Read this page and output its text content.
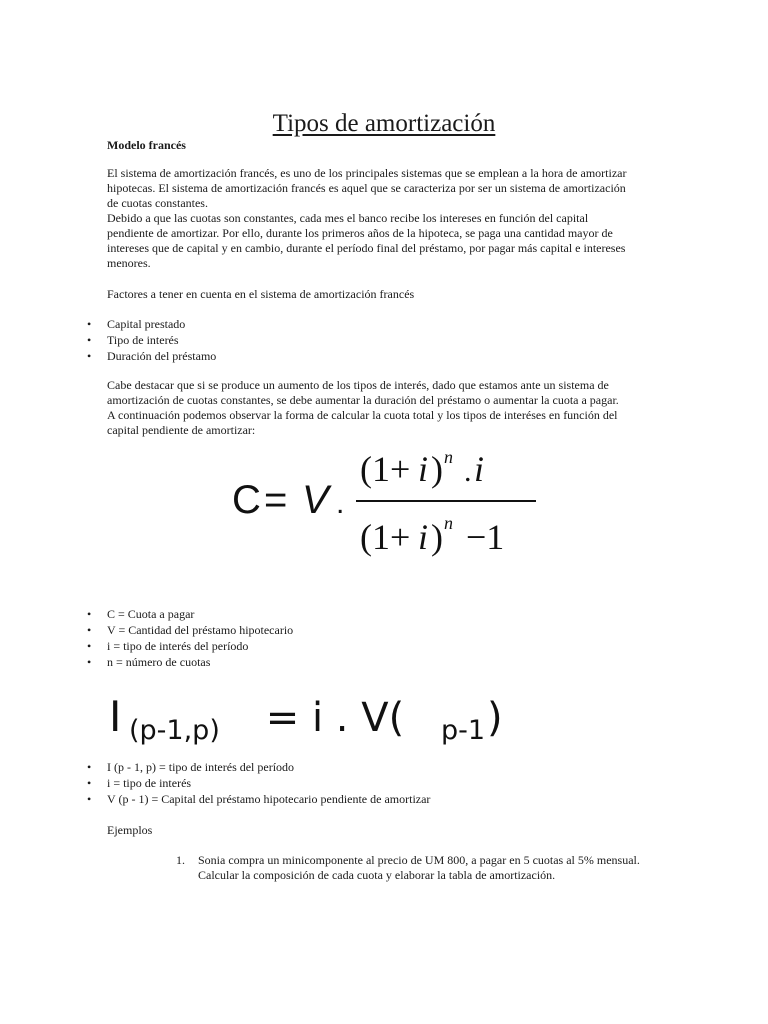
Tipos de amortización
Modelo francés

El sistema de amortización francés, es uno de los principales sistemas que se emplean a la hora de amortizar
hipotecas. El sistema de amortización francés es aquel que se caracteriza por ser un sistema de amortización
de cuotas constantes.
Debido a que las cuotas son constantes, cada mes el banco recibe los intereses en función del capital
pendiente de amortizar. Por ello, durante los primeros años de la hipoteca, se paga una cantidad mayor de
intereses que de capital y en cambio, durante el período final del préstamo, por pagar más capital e intereses
menores.

Factores a tener en cuenta en el sistema de amortización francés

• Capital prestado
• Tipo de interés
• Duración del préstamo

Cabe destacar que si se produce un aumento de los tipos de interés, dado que estamos ante un sistema de
amortización de cuotas constantes, se debe aumentar la duración del préstamo o aumentar la cuota a pagar.
A continuación podemos observar la forma de calcular la cuota total y los tipos de interéses en función del
capital pendiente de amortizar:

C = V .
(1+ i ) n . i
(1+ i ) n −1
• C = Cuota a pagar
• V = Cantidad del préstamo hipotecario
• i = tipo de interés del período
• n = número de cuotas
I (p-1,p) = i . V( p-1 )
• I (p - 1, p) = tipo de interés del período
• i = tipo de interés
• V (p - 1) = Capital del préstamo hipotecario pendiente de amortizar
Ejemplos
1. Sonia compra un minicomponente al precio de UM 800, a pagar en 5 cuotas al 5% mensual.
Calcular la composición de cada cuota y elaborar la tabla de amortización.
